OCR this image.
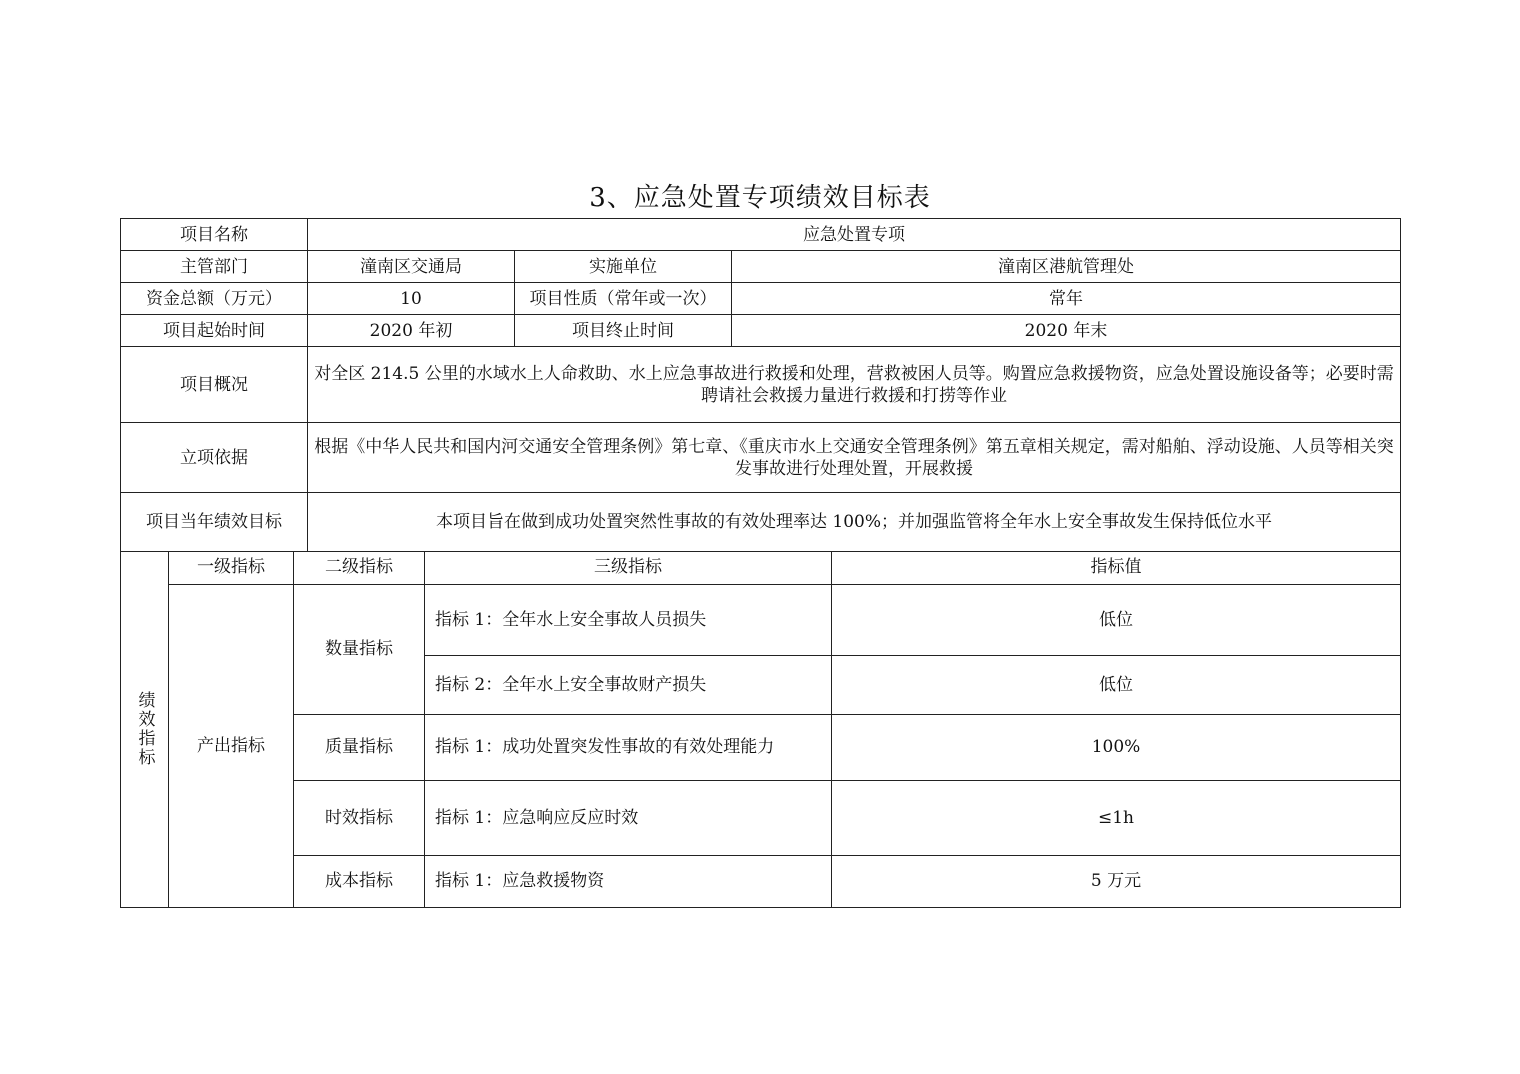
3、应急处置专项绩效目标表
项目名称	应急处置专项		
主管部门	潼南区交通局	实施单位	潼南区港航管理处
资金总额（万元）	10	项目性质（常年或一次）	常年
项目起始时间	2020 年初	项目终止时间	2020 年末
项目概况	对全区 214.5 公里的水域水上人命救助、水上应急事故进行救援和处理，营救被困人员等。购置应急救援物资，应急处置设施设备等；必要时需聘请社会救援力量进行救援和打捞等作业		
立项依据	根据《中华人民共和国内河交通安全管理条例》第七章、《重庆市水上交通安全管理条例》第五章相关规定，需对船舶、浮动设施、人员等相关突发事故进行处理处置，开展救援		
项目当年绩效目标	本项目旨在做到成功处置突然性事故的有效处理率达 100%；并加强监管将全年水上安全事故发生保持低位水平		
绩效指标	一级指标	二级指标	三级指标	指标值
	产出指标	数量指标	指标 1：全年水上安全事故人员损失	低位
			指标 2：全年水上安全事故财产损失	低位
		质量指标	指标 1：成功处置突发性事故的有效处理能力	100%
		时效指标	指标 1：应急响应反应时效	≤1h
		成本指标	指标 1：应急救援物资	5 万元
